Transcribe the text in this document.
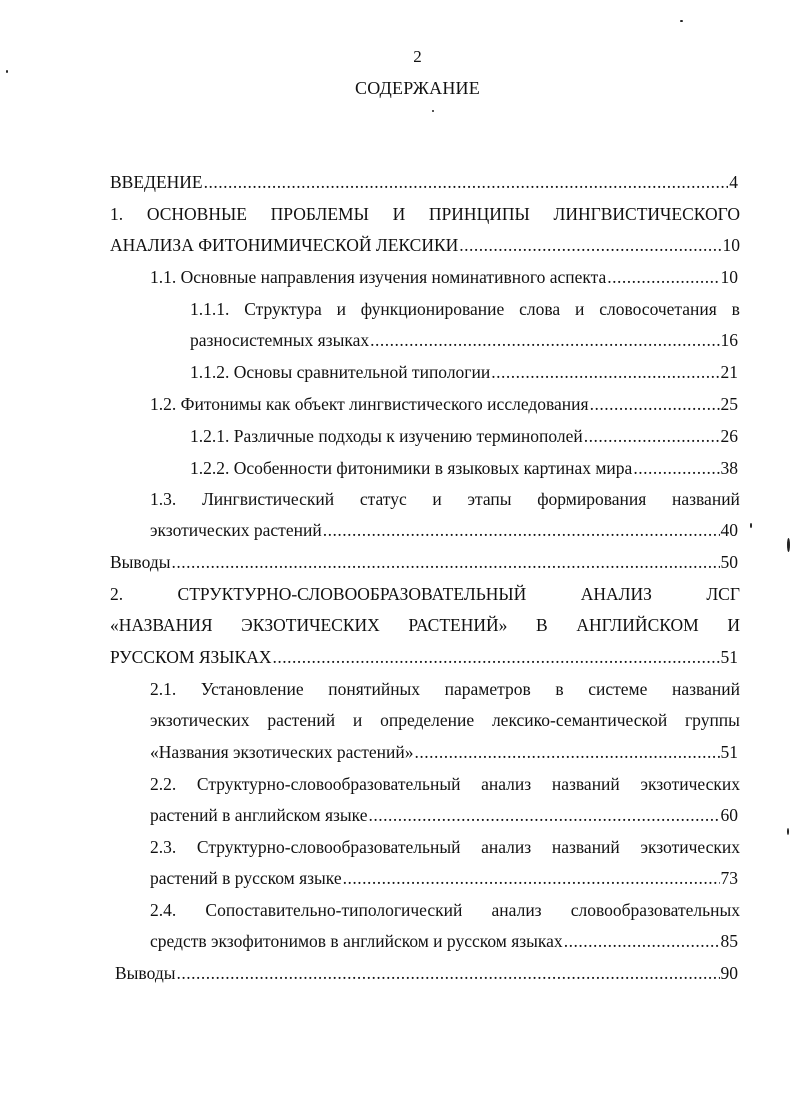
2
СОДЕРЖАНИЕ
ВВЕДЕНИЕ .....	4
1. ОСНОВНЫЕ ПРОБЛЕМЫ И ПРИНЦИПЫ ЛИНГВИСТИЧЕСКОГО
АНАЛИЗА ФИТОНИМИЧЕСКОЙ ЛЕКСИКИ .....	10
1.1. Основные направления изучения номинативного аспекта .....	10
1.1.1. Структура и функционирование слова и словосочетания в
разносистемных языках .....	16
1.1.2. Основы сравнительной типологии .....	21
1.2. Фитонимы как объект лингвистического исследования .....	25
1.2.1. Различные подходы к изучению терминополей .....	26
1.2.2. Особенности фитонимики в языковых картинах мира .....	38
1.3. Лингвистический статус и этапы формирования названий
экзотических растений .....	40
Выводы .....	50
2.	СТРУКТУРНО-СЛОВООБРАЗОВАТЕЛЬНЫЙ	АНАЛИЗ	ЛСГ
«НАЗВАНИЯ ЭКЗОТИЧЕСКИХ РАСТЕНИЙ» В АНГЛИЙСКОМ И
РУССКОМ ЯЗЫКАХ .....	51
2.1. Установление понятийных параметров в системе названий
экзотических растений и определение лексико-семантической группы
«Названия экзотических растений» .....	51
2.2. Структурно-словообразовательный анализ названий экзотических
растений в английском языке .....	60
2.3. Структурно-словообразовательный анализ названий экзотических
растений в русском языке .....	73
2.4. Сопоставительно-типологический анализ словообразовательных
средств экзофитонимов в английском и русском языках .....	85
Выводы .....	90
